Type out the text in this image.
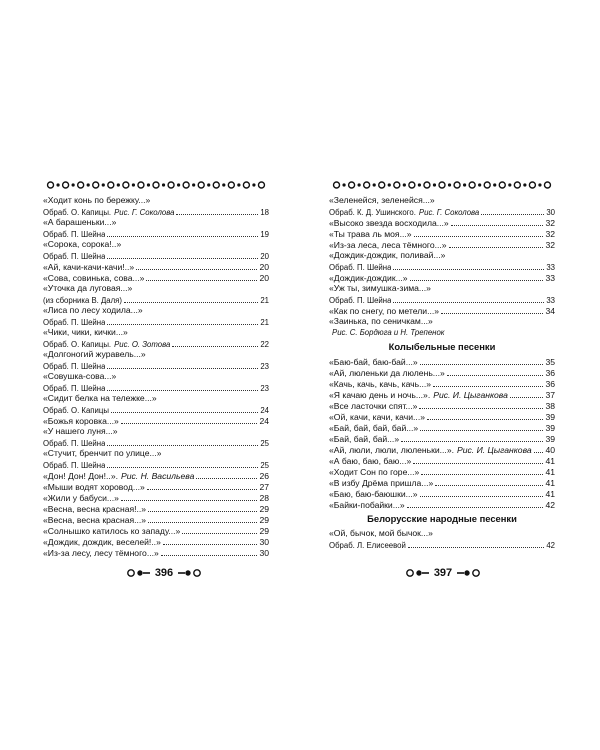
«Ходит конь по бережку...»
Обраб. О. Капицы. Рис. Г. Соколова	18
«А барашеньки...»
Обраб. П. Шейна	19
«Сорока, сорока!..»
Обраб. П. Шейна	20
«Ай, качи-качи-качи!..»	20
«Сова, совинька, сова...»	20
«Уточка да луговая...»
(из сборника В. Даля)	21
«Лиса по лесу ходила...»
Обраб. П. Шейна	21
«Чики, чики, кички...»
Обраб. О. Капицы. Рис. О. Зотова	22
«Долгоногий журавель...»
Обраб. П. Шейна	23
«Совушка-сова...»
Обраб. П. Шейна	23
«Сидит белка на тележке...»
Обраб. О. Капицы	24
«Божья коровка...»	24
«У нашего луня...»
Обраб. П. Шейна	25
«Стучит, бренчит по улице...»
Обраб. П. Шейна	25
«Дон! Дон! Дон!..». Рис. Н. Васильева	26
«Мыши водят хоровод...»	27
«Жили у бабуси...»	28
«Весна, весна красная!..»	29
«Весна, весна красная...»	29
«Солнышко катилось ко западу...»	29
«Дождик, дождик, веселей!..»	30
«Из-за лесу, лесу тёмного...»	30
«Зеленейся, зеленейся...»
Обраб. К. Д. Ушинского. Рис. Г. Соколова	30
«Высоко звезда восходила...»	32
«Ты трава ль моя...»	32
«Из-за леса, леса тёмного...»	32
«Дождик-дождик, поливай...»
Обраб. П. Шейна	33
«Дождик-дождик...»	33
«Уж ты, зимушка-зима...»
Обраб. П. Шейна	33
«Как по снегу, по метели...»	34
«Заинька, по сеничкам...»
Рис. С. Бордюга и Н. Трепенок
Колыбельные песенки
«Баю-бай, баю-бай...»	35
«Ай, люленьки да люлень...»	36
«Качь, качь, качь, качь...»	36
«Я качаю день и ночь...». Рис. И. Цыганкова	37
«Все ласточки спят...»	38
«Ой, качи, качи, качи...»	39
«Бай, бай, бай, бай...»	39
«Бай, бай, бай...»	39
«Ай, люли, люли, люленьки...». Рис. И. Цыганкова 40
«А баю, баю, баю...»	41
«Ходит Сон по горе...»	41
«В избу Дрёма пришла...»	41
«Баю, баю-баюшки...»	41
«Байки-побайки...»	42
Белорусские народные песенки
«Ой, бычок, мой бычок...»
Обраб. Л. Елисеевой	42
396	397
